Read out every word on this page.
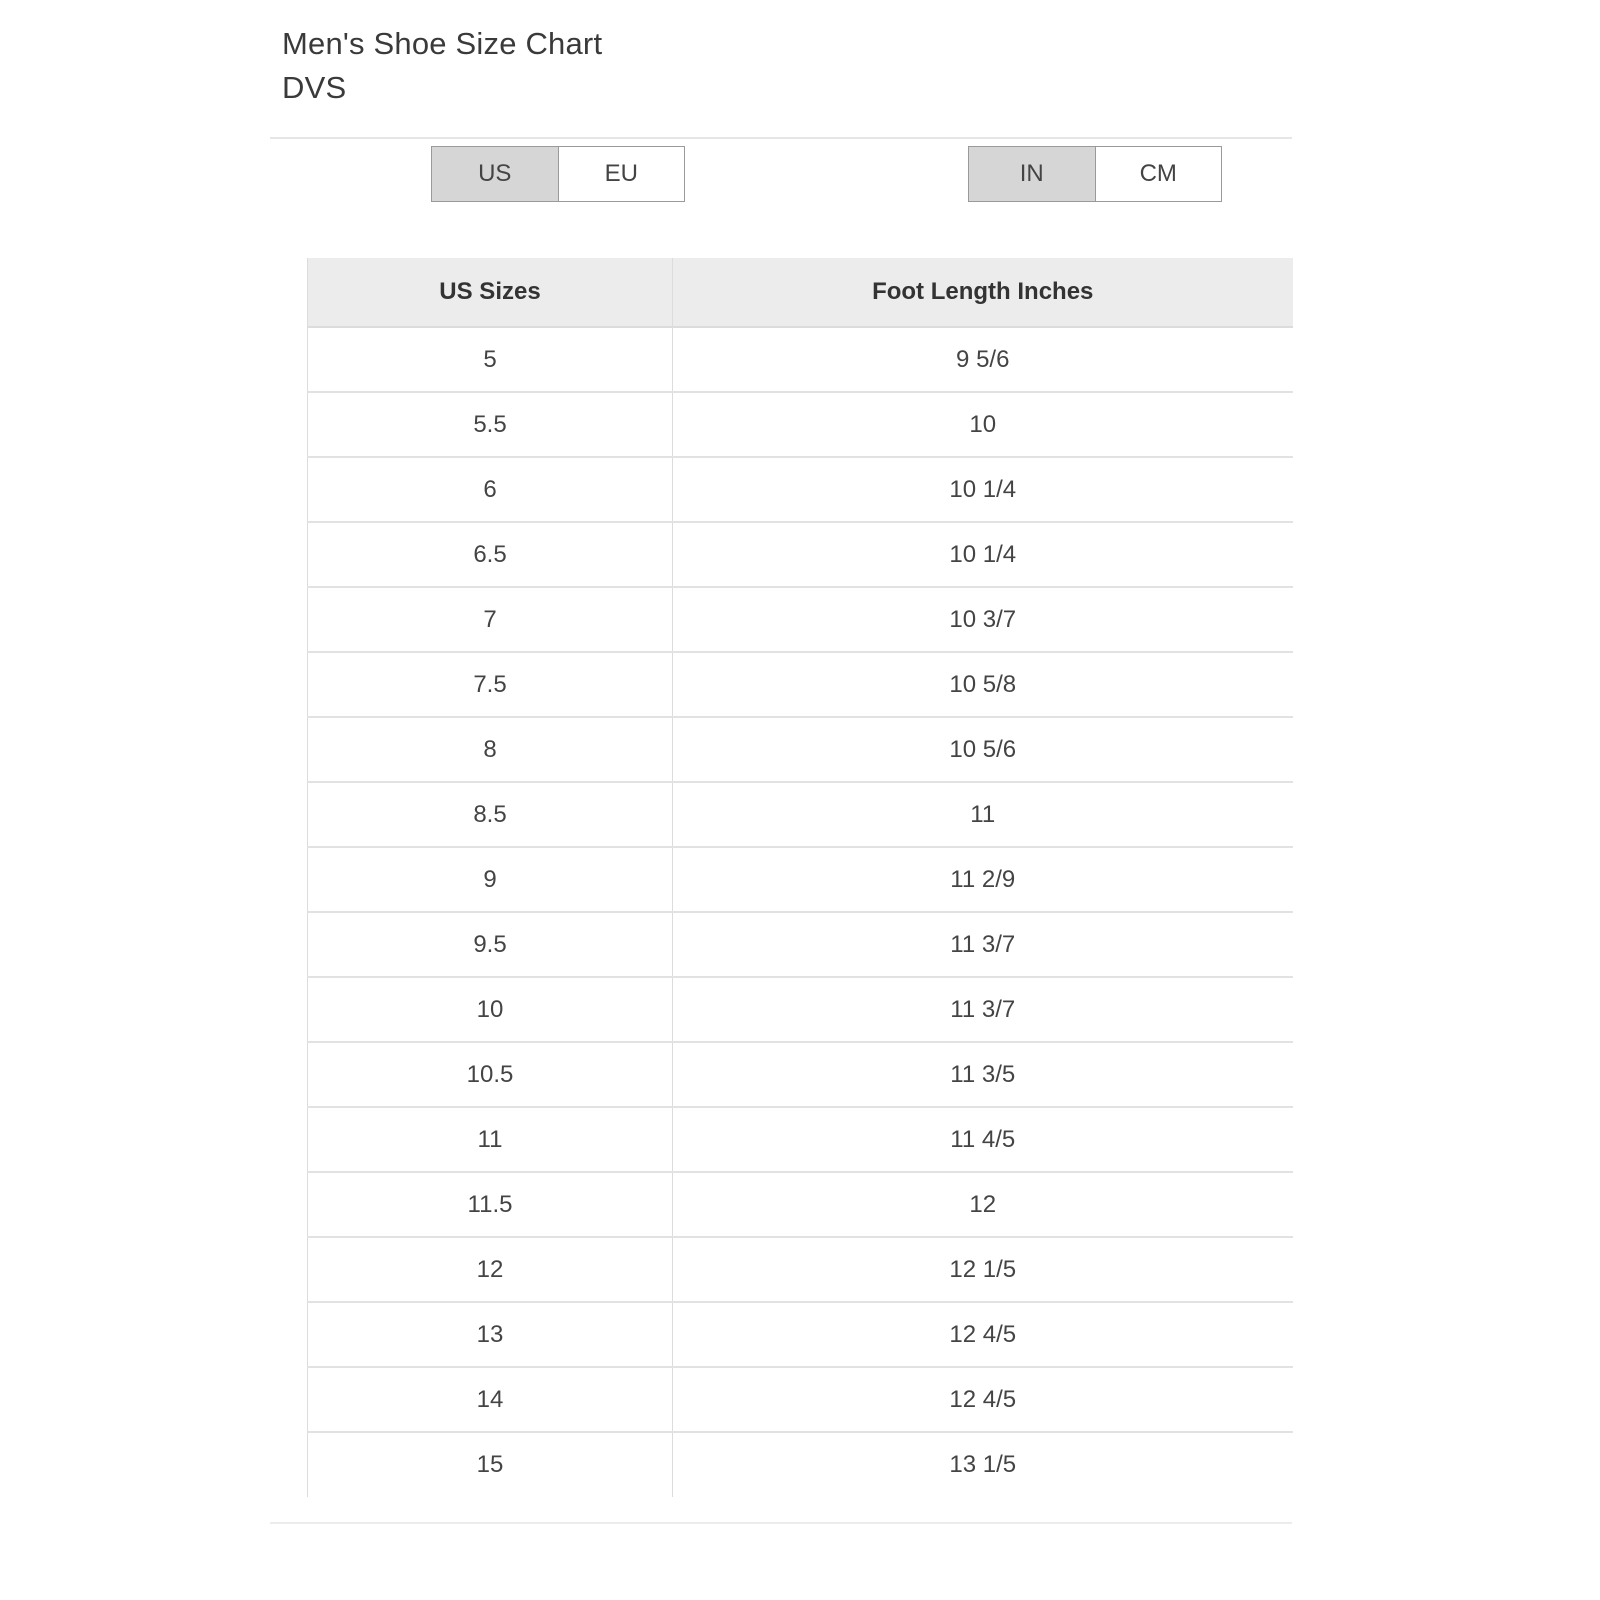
Men's Shoe Size Chart
DVS
US	EU	IN	CM
US Sizes	Foot Length Inches
5	9 5/6
5.5	10
6	10 1/4
6.5	10 1/4
7	10 3/7
7.5	10 5/8
8	10 5/6
8.5	11
9	11 2/9
9.5	11 3/7
10	11 3/7
10.5	11 3/5
11	11 4/5
11.5	12
12	12 1/5
13	12 4/5
14	12 4/5
15	13 1/5
